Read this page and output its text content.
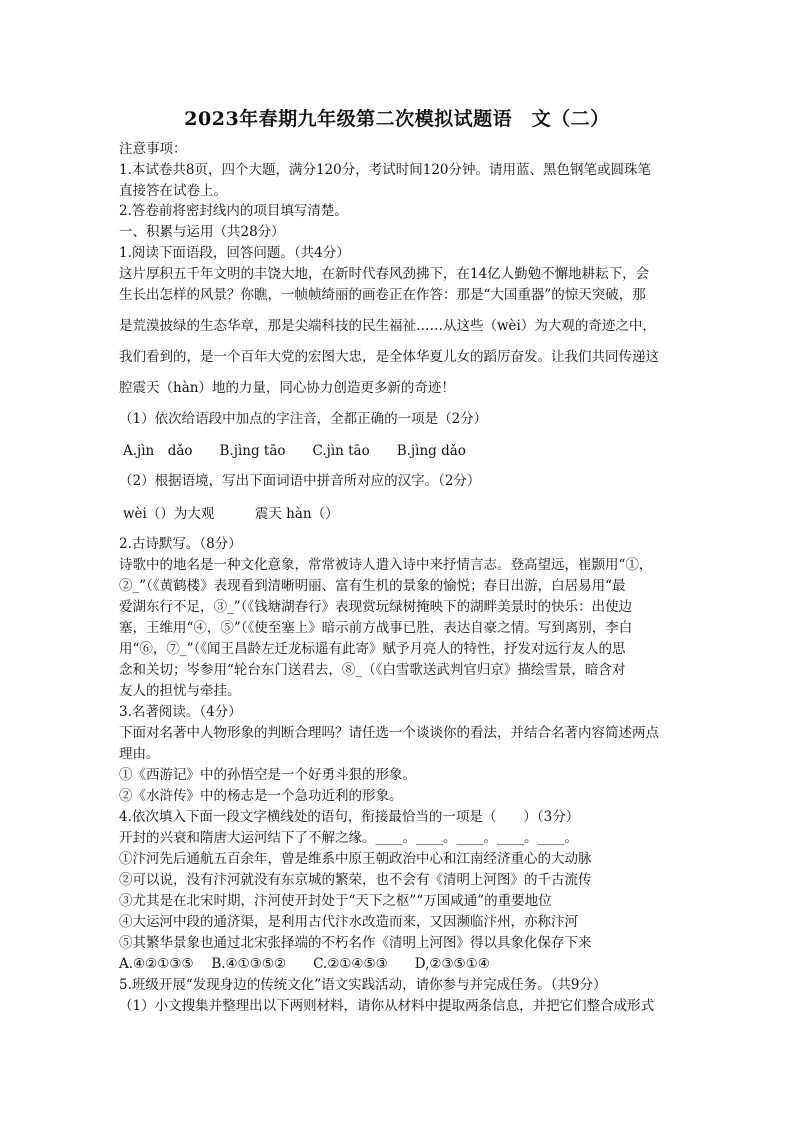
2023年春期九年级第二次模拟试题语　文（二）
注意事项：
1.本试卷共8页，四个大题，满分120分，考试时间120分钟。请用蓝、黑色钢笔或圆珠笔
直接答在试卷上。
2.答卷前将密封线内的项目填写清楚。
一、积累与运用（共28分）
1.阅读下面语段，回答问题。（共4分）
这片厚积五千年文明的丰饶大地，在新时代春风劲拂下，在14亿人勤勉不懈地耕耘下，会
生长出怎样的风景？你瞧，一帧帧绮丽的画卷正在作答：那是“大国重器”的惊天突破，那
是荒漠披绿的生态华章，那是尖端科技的民生福祉……从这些（wèi）为大观的奇迹之中，
我们看到的，是一个百年大党的宏图大忠，是全体华夏儿女的蹈厉奋发。让我们共同传递这
腔震天（hàn）地的力量，同心协力创造更多新的奇迹！
（1）依次给语段中加点的字注音，全都正确的一项是（2分）
A.jìn　dǎo　　B.jìng tāo　　C.jìn tāo　　B.jìng dǎo
（2）根据语境，写出下面词语中拼音所对应的汉字。（2分）
wèi（）为大观　　　震天 hàn（）
2.古诗默写。（8分）
诗歌中的地名是一种文化意象，常常被诗人遣入诗中来抒情言志。登高望远，崔颢用“①，
②_”（《黄鹤楼》表现看到清晰明丽、富有生机的景象的愉悦；春日出游，白居易用“最
爱湖东行不足，③_”（《钱塘湖春行》表现赏玩绿树掩映下的湖畔美景时的快乐：出使边
塞，王维用“④，⑤”（《使至塞上》暗示前方战事已胜，表达自豪之情。写到离别，李白
用“⑥，⑦_”（《闻王昌龄左迁龙标遥有此寄》赋予月亮人的特性，抒发对远行友人的思
念和关切；岑参用“轮台东门送君去，⑧_（《白雪歌送武判官归京》描绘雪景，暗含对
友人的担忧与牵挂。
3.名著阅读。（4分）
下面对名著中人物形象的判断合理吗？请任选一个谈谈你的看法，并结合名著内容简述两点
理由。
①《西游记》中的孙悟空是一个好勇斗狠的形象。
②《水浒传》中的杨志是一个急功近利的形象。
4.依次填入下面一段文字横线处的语句，衔接最恰当的一项是（　　）（3分）
开封的兴衰和隋唐大运河结下了不解之缘。____。____。____。____。____。
①汴河先后通航五百余年，曾是维系中原王朝政治中心和江南经济重心的大动脉
②可以说，没有汴河就没有东京城的繁荣，也不会有《清明上河图》的千古流传
③尤其是在北宋时期，汴河使开封处于“天下之枢”“万国咸通”的重要地位
④大运河中段的通济渠，是利用古代汴水改造而来，又因濒临汴州，亦称汴河
⑤其繁华景象也通过北宋张择端的不朽名作《清明上河图》得以具象化保存下来
A.④②①③⑤　 B.④①③⑤②　　C.②①④⑤③　　D,②③⑤①④
5.班级开展“发现身边的传统文化”语文实践活动，请你参与并完成任务。（共9分）
（1）小文搜集并整理出以下两则材料，请你从材料中提取两条信息，并把它们整合成形式
